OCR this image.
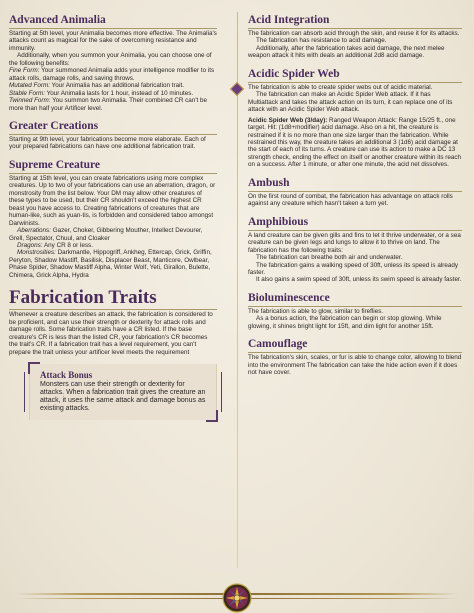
Advanced Animalia

Starting at 5th level, your Animalia becomes more effective. The Animalia's attacks count as magical for the sake of overcoming resistance and immunity.

Additionally, when you summon your Animalia, you can choose one of the following benefits:

Fine Form: Your summoned Animalia adds your intelligence modifier to its attack rolls, damage rolls, and saving throws.

Mutated Form: Your Animalia has an additional fabrication trait.

Stable Form: Your Animalia lasts for 1 hour, instead of 10 minutes.

Twinned Form: You summon two Animalia. Their combined CR can't be more than half your Artificer level.

Greater Creations

Starting at 9th level, your fabrications become more elaborate. Each of your prepared fabrications can have one additional fabrication trait.

Supreme Creature

Starting at 15th level, you can create fabrications using more complex creatures. Up to two of your fabrications can use an aberration, dragon, or monstrosity from the list below. Your DM may allow other creatures of these types to be used, but their CR shouldn't exceed the highest CR beast you have access to. Creating fabrications of creatures that are human-like, such as yuan-tis, is forbidden and considered taboo amongst Darwinists.

Aberrations: Gazer, Choker, Gibbering Mouther, Intellect Devourer, Grell, Spectator, Chuul, and Cloaker

Dragons: Any CR 8 or less.

Monstrosities: Darkmantle, Hippogriff, Ankheg, Ettercap, Grick, Griffin, Peryton, Shadow Mastiff, Basilisk, Displacer Beast, Manticore, Owlbear, Phase Spider, Shadow Mastiff Alpha, Winter Wolf, Yeti, Girallon, Bulette, Chimera, Grick Alpha, Hydra

Fabrication Traits

Whenever a creature describes an attack, the fabrication is considered to be proficient, and can use their strength or dexterity for attack rolls and damage rolls. Some fabrication traits have a CR listed. If the base creature's CR is less than the listed CR, your fabrication's CR becomes the trait's CR. If a fabrication trait has a level requirement, you can't prepare the trait unless your artificer level meets the requirement

Attack Bonus
Monsters can use their strength or dexterity for attacks. When a fabrication trait gives the creature an attack, it uses the same attack and damage bonus as existing attacks.
Acid Integration

The fabrication can absorb acid through the skin, and reuse it for its attacks.

The fabrication has resistance to acid damage.

Additionally, after the fabrication takes acid damage, the next melee weapon attack it hits with deals an additional 2d8 acid damage.

Acidic Spider Web

The fabrication is able to create spider webs out of acidic material.

The fabrication can make an Acidic Spider Web attack. If it has Multiattack and takes the attack action on its turn, it can replace one of its attack with an Acidic Spider Web attack.

Acidic Spider Web (3/day): Ranged Weapon Attack: Range 15/25 ft., one target. Hit: (1d8+modifier) acid damage. Also on a hit, the creature is restrained if it is no more than one size larger than the fabrication. While restrained this way, the creature takes an additional 3 (1d6) acid damage at the start of each of its turns. A creature can use its action to make a DC 13 strength check, ending the effect on itself or another creature within its reach on a success. After 1 minute, or after one minute, the acid net dissolves.

Ambush

On the first round of combat, the fabrication has advantage on attack rolls against any creature which hasn't taken a turn yet.

Amphibious

A land creature can be given gills and fins to let it thrive underwater, or a sea creature can be given legs and lungs to allow it to thrive on land. The fabrication has the following traits:

The fabrication can breathe both air and underwater.

The fabrication gains a walking speed of 30ft, unless its speed is already faster.

It also gains a swim speed of 30ft, unless its swim speed is already faster.

Bioluminescence

The fabrication is able to glow, similar to fireflies.

As a bonus action, the fabrication can begin or stop glowing. While glowing, it shines bright light for 15ft, and dim light for another 15ft.

Camouflage

The fabrication's skin, scales, or fur is able to change color, allowing to blend into the environment The fabrication can take the hide action even if it does not have cover.
